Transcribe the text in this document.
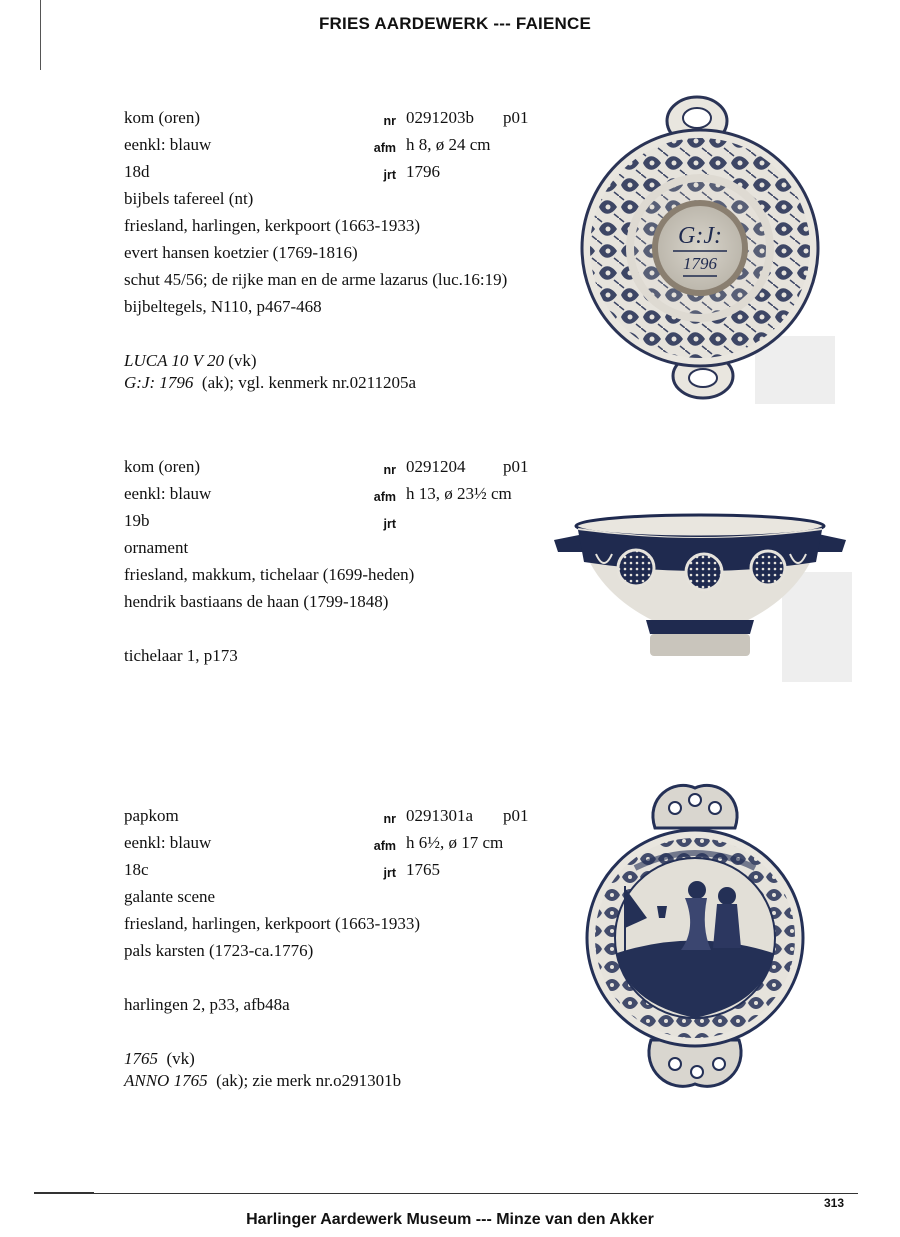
FRIES AARDEWERK --- FAIENCE
kom (oren)	nr 0291203b p01
eenkl: blauw	afm h 8, ø 24 cm
18d	jrt 1796
bijbels tafereel (nt)
friesland, harlingen, kerkpoort (1663-1933)
evert hansen koetzier (1769-1816)
schut 45/56; de rijke man en de arme lazarus (luc.16:19)
bijbeltegels, N110, p467-468
LUCA 10 V 20 (vk)
G:J: 1796 (ak); vgl. kenmerk nr.0211205a
G:J:
1796
kom (oren)	nr 0291204 p01
eenkl: blauw	afm h 13, ø 23½ cm
19b	jrt
ornament
friesland, makkum, tichelaar (1699-heden)
hendrik bastiaans de haan (1799-1848)
tichelaar 1, p173
papkom	nr 0291301a p01
eenkl: blauw	afm h 6½, ø 17 cm
18c	jrt 1765
galante scene
friesland, harlingen, kerkpoort (1663-1933)
pals karsten (1723-ca.1776)
harlingen 2, p33, afb48a
1765 (vk)
ANNO 1765 (ak); zie merk nr.o291301b
313
Harlinger Aardewerk Museum --- Minze van den Akker
